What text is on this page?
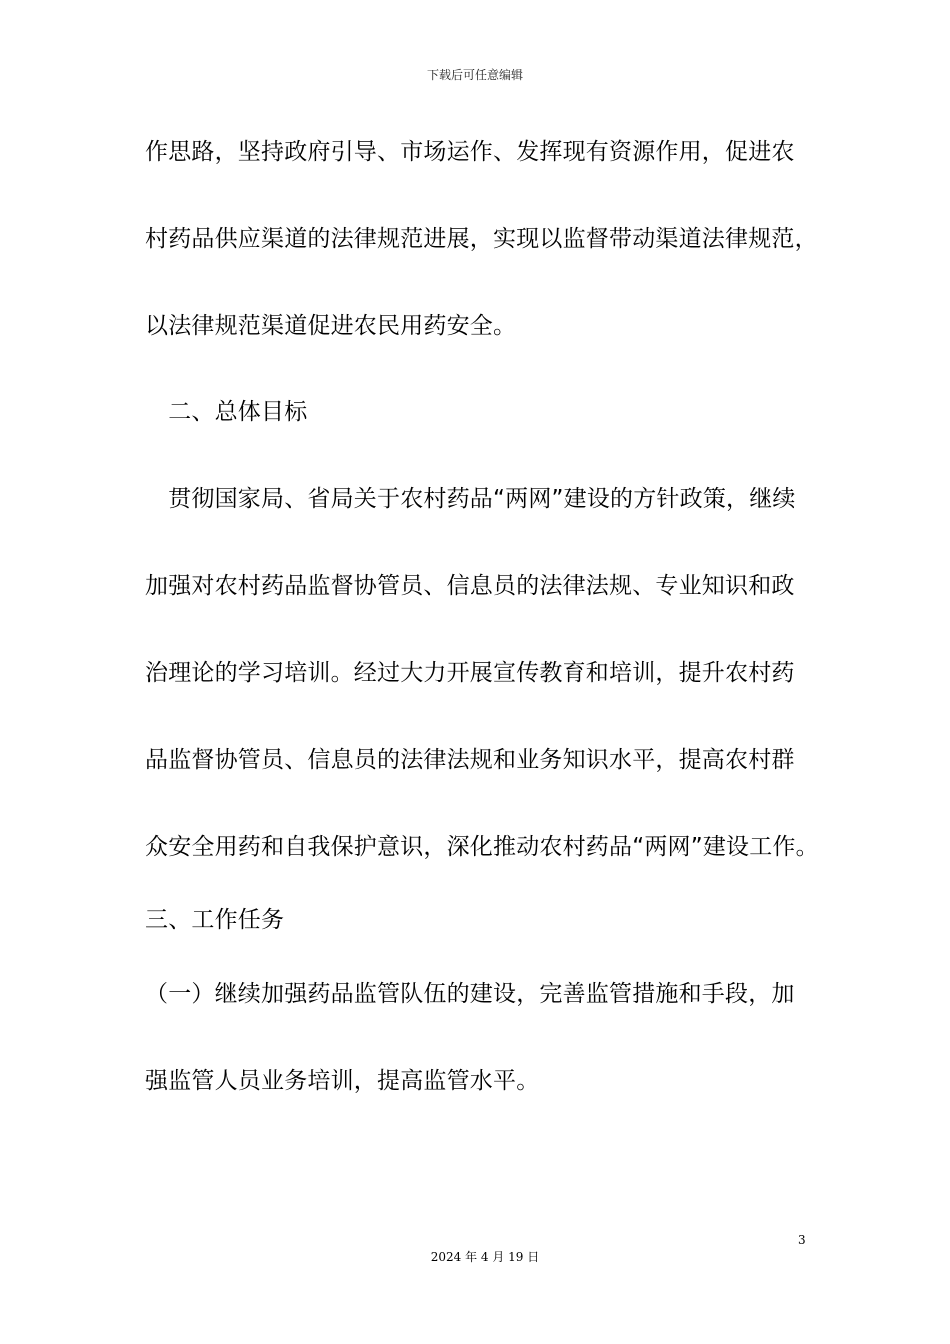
下载后可任意编辑
作思路，坚持政府引导、市场运作、发挥现有资源作用，促进农
村药品供应渠道的法律规范进展，实现以监督带动渠道法律规范，
以法律规范渠道促进农民用药安全。
　二、总体目标
　贯彻国家局、省局关于农村药品“两网”建设的方针政策，继续
加强对农村药品监督协管员、信息员的法律法规、专业知识和政
治理论的学习培训。经过大力开展宣传教育和培训，提升农村药
品监督协管员、信息员的法律法规和业务知识水平，提高农村群
众安全用药和自我保护意识，深化推动农村药品“两网”建设工作。
三、工作任务
（一）继续加强药品监管队伍的建设，完善监管措施和手段，加
强监管人员业务培训，提高监管水平。
3
2024 年 4 月 19 日
